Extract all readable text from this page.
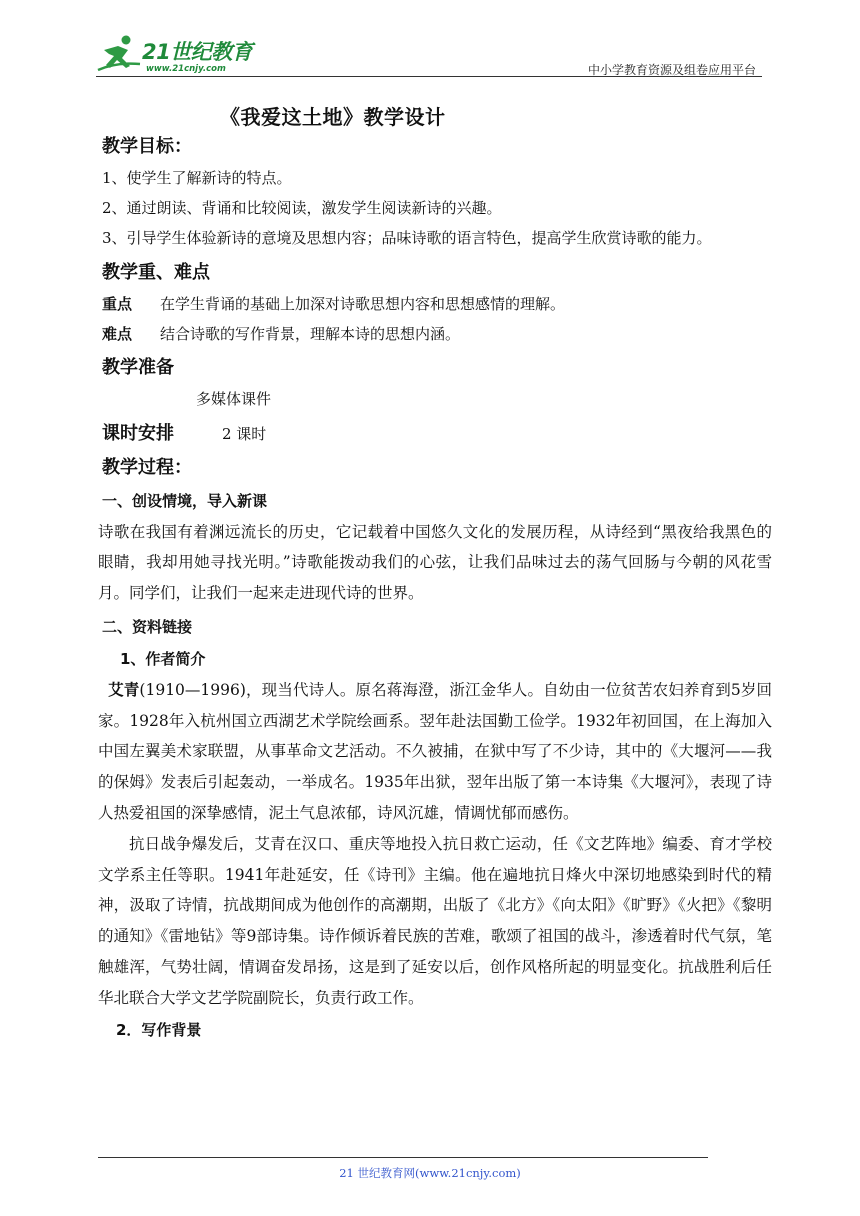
21世纪教育
www.21cnjy.com	中小学教育资源及组卷应用平台
《我爱这土地》教学设计
教学目标：
1、使学生了解新诗的特点。
2、通过朗读、背诵和比较阅读，激发学生阅读新诗的兴趣。
3、引导学生体验新诗的意境及思想内容；品味诗歌的语言特色，提高学生欣赏诗歌的能力。
教学重、难点
重点 在学生背诵的基础上加深对诗歌思想内容和思想感情的理解。
难点 结合诗歌的写作背景，理解本诗的思想内涵。
教学准备
多媒体课件
课时安排	2 课时
教学过程：
一、创设情境，导入新课
诗歌在我国有着渊远流长的历史，它记载着中国悠久文化的发展历程，从诗经到“黑夜给我黑色的眼睛，我却用她寻找光明。”诗歌能拨动我们的心弦，让我们品味过去的荡气回肠与今朝的风花雪月。同学们，让我们一起来走进现代诗的世界。
二、资料链接
1、作者简介
艾青(1910—1996)，现当代诗人。原名蒋海澄，浙江金华人。自幼由一位贫苦农妇养育到5岁回家。1928年入杭州国立西湖艺术学院绘画系。翌年赴法国勤工俭学。1932年初回国，在上海加入中国左翼美术家联盟，从事革命文艺活动。不久被捕，在狱中写了不少诗，其中的《大堰河——我的保姆》发表后引起轰动，一举成名。1935年出狱，翌年出版了第一本诗集《大堰河》，表现了诗人热爱祖国的深挚感情，泥土气息浓郁，诗风沉雄，情调忧郁而感伤。
抗日战争爆发后，艾青在汉口、重庆等地投入抗日救亡运动，任《文艺阵地》编委、育才学校文学系主任等职。1941年赴延安，任《诗刊》主编。他在遍地抗日烽火中深切地感染到时代的精神，汲取了诗情，抗战期间成为他创作的高潮期，出版了《北方》《向太阳》《旷野》《火把》《黎明的通知》《雷地钻》等9部诗集。诗作倾诉着民族的苦难，歌颂了祖国的战斗，渗透着时代气氛，笔触雄浑，气势壮阔，情调奋发昂扬，这是到了延安以后，创作风格所起的明显变化。抗战胜利后任华北联合大学文艺学院副院长，负责行政工作。
2．写作背景
21 世纪教育网(www.21cnjy.com)
